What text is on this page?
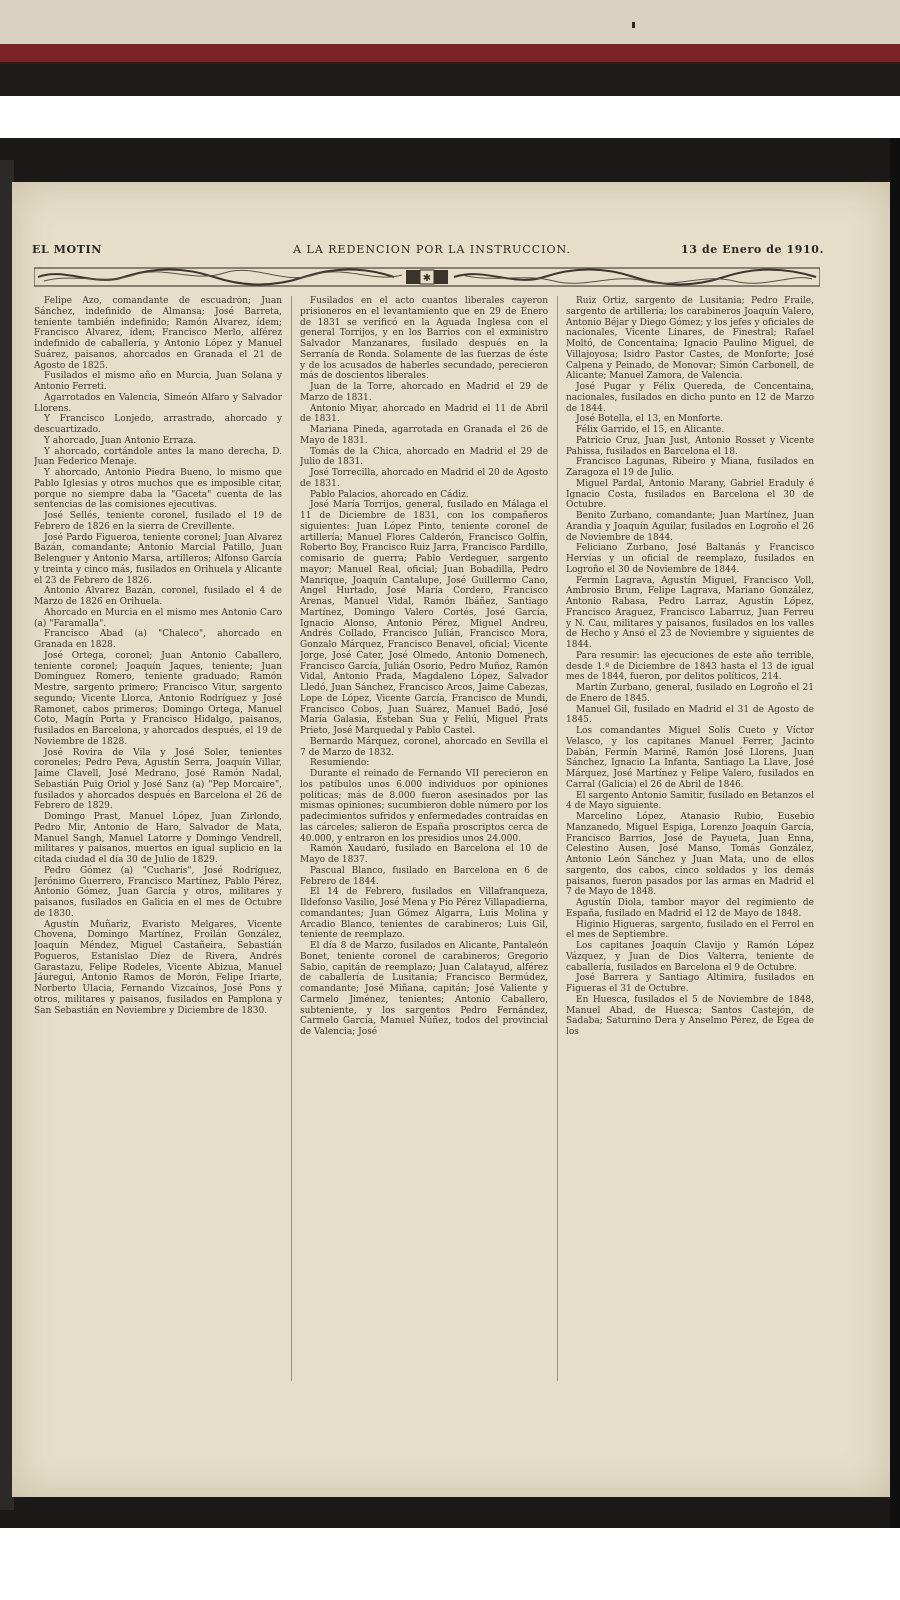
EL MOTIN	A LA REDENCION POR LA INSTRUCCION.	13 de Enero de 1910.
✱

Felipe Azo, comandante de escuadrón; Juan Sánchez, indefinido de Almansa; José Barreta, teniente también indefinido; Ramón Alvarez, ídem; Francisco Alvarez, ídem; Francisco Merlo, alférez indefinido de caballería, y Antonio López y Manuel Suárez, paisanos, ahorcados en Granada el 21 de Agosto de 1825.

Fusilados el mismo año en Murcia, Juan Solana y Antonio Ferreti.

Agarrotados en Valencia, Simeón Alfaro y Salvador Llorens.

Y Francisco Lonjedo, arrastrado, ahorcado y descuartizado.

Y ahorcado, Juan Antonio Erraza.

Y ahorcado, cortándole antes la mano derecha, D. Juan Federico Menaje.

Y ahorcado, Antonio Piedra Bueno, lo mismo que Pablo Iglesias y otros muchos que es imposible citar, porque no siempre daba la "Gaceta" cuenta de las sentencias de las comisiones ejecutivas.

José Sellés, teniente coronel, fusilado el 19 de Febrero de 1826 en la sierra de Crevillente.

José Pardo Figueroa, teniente coronel; Juan Alvarez Bazán, comandante; Antonio Marcial Patillo, Juan Belenguer y Antonio Marsa, artilleros; Alfonso García y treinta y cinco más, fusilados en Orihuela y Alicante el 23 de Febrero de 1826.

Antonio Alvarez Bazán, coronel, fusilado el 4 de Marzo de 1826 en Orihuela.

Ahorcado en Murcia en el mismo mes Antonio Caro (a) "Faramalla".

Francisco Abad (a) "Chaleco", ahorcado en Granada en 1828.

José Ortega, coronel; Juan Antonio Caballero, teniente coronel; Joaquín Jaques, teniente; Juan Domínguez Romero, teniente graduado; Ramón Mestre, sargento primero; Francisco Vitur, sargento segundo; Vicente Llorca, Antonio Rodríguez y José Ramonet, cabos primeros; Domingo Ortega, Manuel Coto, Magín Porta y Francisco Hidalgo, paisanos, fusilados en Barcelona, y ahorcados después, el 19 de Noviembre de 1828.

José Rovira de Vila y José Soler, tenientes coroneles; Pedro Peva, Agustín Serra, Joaquín Villar, Jaime Clavell, José Medrano, José Ramón Nadal, Sebastián Puig Oriol y José Sanz (a) "Pep Morcaire", fusilados y ahorcados después en Barcelona el 26 de Febrero de 1829.

Domingo Prast, Manuel López, Juan Zirlondo, Pedro Mir, Antonio de Haro, Salvador de Mata, Manuel Sangh, Manuel Latorre y Domingo Vendrell, militares y paisanos, muertos en igual suplicio en la citada ciudad el día 30 de Julio de 1829.

Pedro Gómez (a) "Cucharis", José Rodríguez, Jerónimo Guerrero, Francisco Martínez, Pablo Pérez, Antonio Gómez, Juan García y otros, militares y paisanos, fusilados en Galicia en el mes de Octubre de 1830.

Agustín Muñariz, Evaristo Melgares, Vicente Chovena, Domingo Martínez, Froilán González, Joaquín Méndez, Miguel Castañeira, Sebastián Pogueros, Estanislao Díez de Rivera, Andrés Garastazu, Felipe Rodeles, Vicente Abizua, Manuel Jáuregui, Antonio Ramos de Morón, Felipe Iriarte, Norberto Ulacia, Fernando Vizcaínos, José Pons y otros, militares y paisanos, fusilados en Pamplona y San Sebastián en Noviembre y Diciembre de 1830.

Fusilados en el acto cuantos liberales cayeron prisioneros en el levantamiento que en 29 de Enero de 1831 se verificó en la Aguada Inglesa con el general Torrijos, y en los Barrios con el exministro Salvador Manzanares, fusilado después en la Serranía de Ronda. Solamente de las fuerzas de éste y de los acusados de haberles secundado, perecieron más de doscientos liberales.

Juan de la Torre, ahorcado en Madrid el 29 de Marzo de 1831.

Antonio Miyar, ahorcado en Madrid el 11 de Abril de 1831.

Mariana Pineda, agarrotada en Granada el 26 de Mayo de 1831.

Tomás de la Chica, ahorcado en Madrid el 29 de Julio de 1831.

José Torrecilla, ahorcado en Madrid el 20 de Agosto de 1831.

Pablo Palacios, ahorcado en Cádiz.

José María Torrijos, general, fusilado en Málaga el 11 de Diciembre de 1831, con los compañeros siguientes: Juan López Pinto, teniente coronel de artillería; Manuel Flores Calderón, Francisco Golfín, Roberto Boy, Francisco Ruiz Jarra, Francisco Pardillo, comisario de guerra; Pablo Verdeguer, sargento mayor; Manuel Real, oficial; Juan Bobadilla, Pedro Manrique, Joaquín Cantalupe, José Guillermo Cano, Angel Hurtado, José María Cordero, Francisco Arenas, Manuel Vidal, Ramón Ibáñez, Santiago Martínez, Domingo Valero Cortés, José García, Ignacio Alonso, Antonio Pérez, Miguel Andreu, Andrés Collado, Francisco Julián, Francisco Mora, Gonzalo Márquez, Francisco Benavel, oficial; Vicente Jorge, José Cater, José Olmedo, Antonio Domenech, Francisco García, Julián Osorio, Pedro Muñoz, Ramón Vidal, Antonio Prada, Magdaleno López, Salvador Lledó, Juan Sánchez, Francisco Arcos, Jaime Cabezas, Lope de López, Vicente García, Francisco de Mundi, Francisco Cobos, Juan Suárez, Manuel Badó, José María Galasia, Esteban Sua y Feliú, Miguel Prats Prieto, José Marquedal y Pablo Castel.

Bernardo Márquez, coronel, ahorcado en Sevilla el 7 de Marzo de 1832.

Resumiendo:

Durante el reinado de Fernando VII perecieron en los patíbulos unos 6.000 individuos por opiniones políticas; más de 8.000 fueron asesinados por las mismas opiniones; sucumbieron doble número por los padecimientos sufridos y enfermedades contraídas en las cárceles; salieron de España proscriptos cerca de 40.000, y entraron en los presidios unos 24.000.

Ramón Xaudaró, fusilado en Barcelona el 10 de Mayo de 1837.

Pascual Blanco, fusilado en Barcelona en 6 de Febrero de 1844.

El 14 de Febrero, fusilados en Villafranqueza, Ildefonso Vasilio, José Mena y Pío Pérez Villapadierna, comandantes; Juan Gómez Algarra, Luis Molina y Arcadio Blanco, tenientes de carabineros; Luis Gil, teniente de reemplazo.

El día 8 de Marzo, fusilados en Alicante, Pantaleón Bonet, teniente coronel de carabineros; Gregorio Sabio, capitán de reemplazo; Juan Calatayud, alférez de caballería de Lusitania; Francisco Bermúdez, comandante; José Miñana, capitán; José Valiente y Carmelo Jiménez, tenientes; Antonio Caballero, subteniente, y los sargentos Pedro Fernández, Carmelo García, Manuel Núñez, todos del provincial de Valencia; José

Ruiz Ortiz, sargento de Lusitania; Pedro Fraile, sargento de artillería; los carabineros Joaquín Valero, Antonio Béjar y Diego Gómez; y los jefes y oficiales de nacionales, Vicente Linares, de Finestral; Rafael Moltó, de Concentaina; Ignacio Paulino Miguel, de Villajoyosa; Isidro Pastor Castes, de Monforte; José Calpena y Peinado, de Monovar; Simón Carbonell, de Alicante; Manuel Zamora, de Valencia.

José Pugar y Félix Quereda, de Concentaina, nacionales, fusilados en dicho punto en 12 de Marzo de 1844.

José Botella, el 13, en Monforte.

Félix Garrido, el 15, en Alicante.

Patricio Cruz, Juan Just, Antonio Rosset y Vicente Pahissa, fusilados en Barcelona el 18.

Francisco Lagunas, Ribeiro y Miana, fusilados en Zaragoza el 19 de Julio.

Miguel Pardal, Antonio Marany, Gabriel Eraduly é Ignacio Costa, fusilados en Barcelona el 30 de Octubre.

Benito Zurbano, comandante; Juan Martínez, Juan Arandia y Joaquín Aguilar, fusilados en Logroño el 26 de Noviembre de 1844.

Feliciano Zurbano, José Baltanás y Francisco Hervías y un oficial de reemplazo, fusilados en Logroño el 30 de Noviembre de 1844.

Fermín Lagrava, Agustín Miguel, Francisco Voll, Ambrosio Brum, Felipe Lagrava, Mariano González, Antonio Rabasa, Pedro Larraz, Agustín López, Francisco Araguez, Francisco Labarruz, Juan Ferreu y N. Cau, militares y paisanos, fusilados en los valles de Hecho y Ansó el 23 de Noviembre y siguientes de 1844.

Para resumir: las ejecuciones de este año terrible, desde 1.º de Diciembre de 1843 hasta el 13 de igual mes de 1844, fueron, por delitos políticos, 214.

Martín Zurbano, general, fusilado en Logroño el 21 de Enero de 1845.

Manuel Gil, fusilado en Madrid el 31 de Agosto de 1845.

Los comandantes Miguel Solís Cueto y Víctor Velasco, y los capitanes Manuel Ferrer, Jacinto Dabán, Fermín Mariné, Ramón José Llorens, Juan Sánchez, Ignacio La Infanta, Santiago La Llave, José Márquez, José Martínez y Felipe Valero, fusilados en Carral (Galicia) el 26 de Abril de 1846.

El sargento Antonio Samitir, fusilado en Betanzos el 4 de Mayo siguiente.

Marcelino López, Atanasio Rubio, Eusebio Manzanedo, Miguel Espiga, Lorenzo Joaquín García, Francisco Barrios, José de Payueta, Juan Enna, Celestino Ausen, José Manso, Tomás González, Antonio León Sánchez y Juan Mata, uno de ellos sargento, dos cabos, cinco soldados y los demás paisanos, fueron pasados por las armas en Madrid el 7 de Mayo de 1848.

Agustín Diola, tambor mayor del regimiento de España, fusilado en Madrid el 12 de Mayo de 1848.

Higinio Higueras, sargento, fusilado en el Ferrol en el mes de Septiembre.

Los capitanes Joaquín Clavijo y Ramón López Vázquez, y Juan de Dios Valterra, teniente de caballería, fusilados en Barcelona el 9 de Octubre.

José Barrera y Santiago Altimira, fusilados en Figueras el 31 de Octubre.

En Huesca, fusilados el 5 de Noviembre de 1848, Manuel Abad, de Huesca; Santos Castejón, de Sadaba; Saturnino Dera y Anselmo Pérez, de Egea de los
